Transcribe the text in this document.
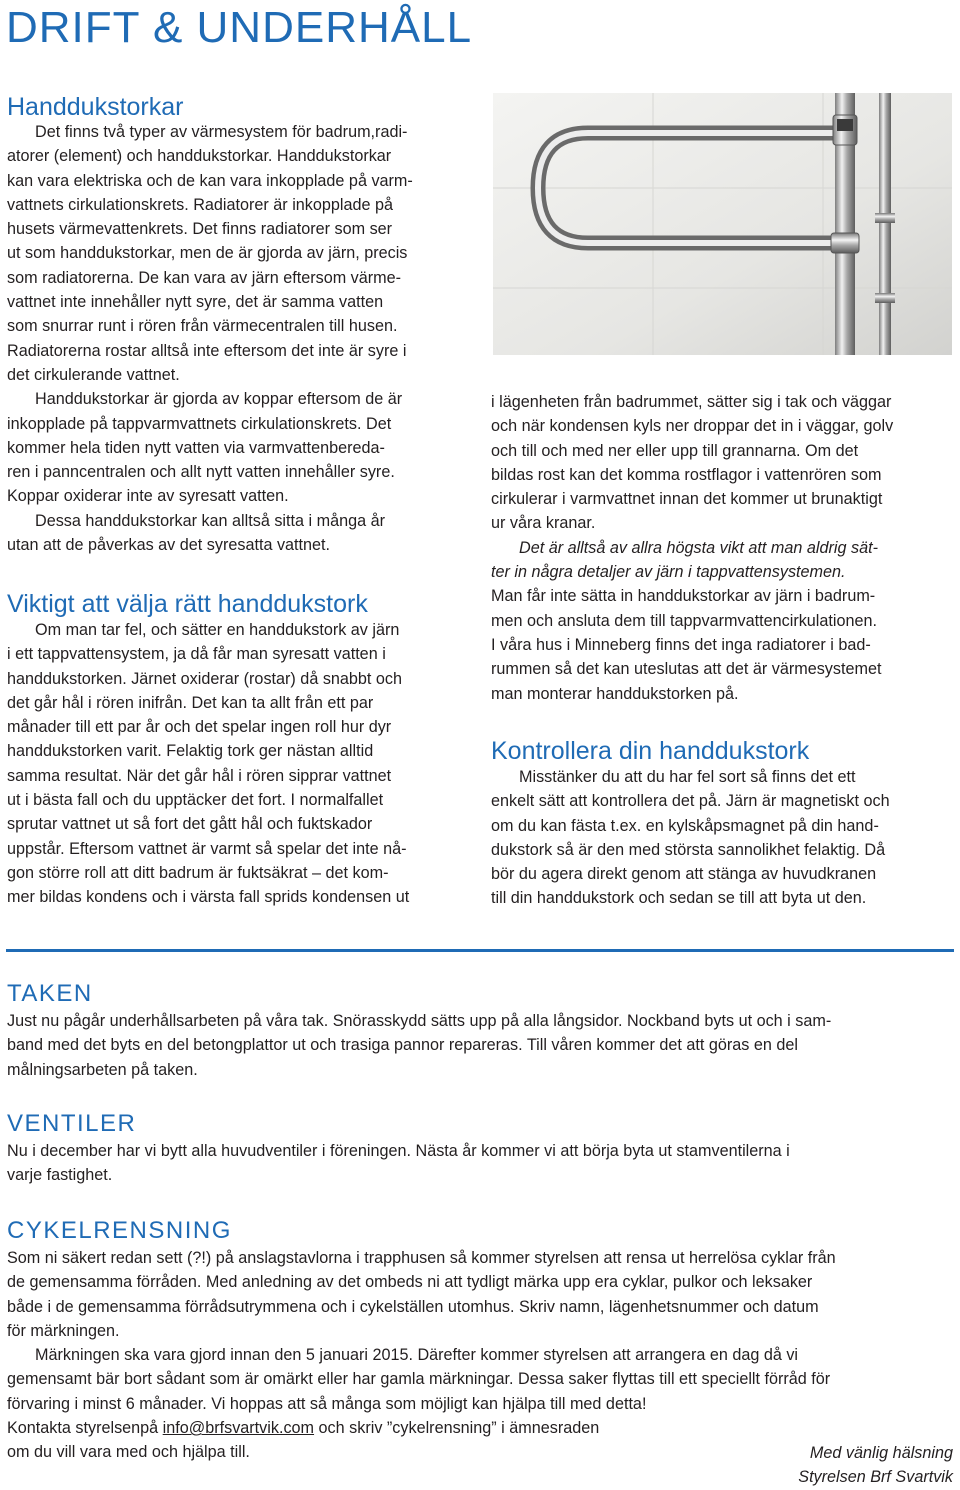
DRIFT & UNDERHÅLL
Handdukstorkar

Det finns två typer av värmesystem för badrum,radi-
atorer (element) och handdukstorkar. Handdukstorkar
kan vara elektriska och de kan vara inkopplade på varm-
vattnets cirkulationskrets. Radiatorer är inkopplade på
husets värmevattenkrets. Det finns radiatorer som ser
ut som handdukstorkar, men de är gjorda av järn, precis
som radiatorerna. De kan vara av järn eftersom värme-
vattnet inte innehåller nytt syre, det är samma vatten
som snurrar runt i rören från värmecentralen till husen.
Radiatorerna rostar alltså inte eftersom det inte är syre i
det cirkulerande vattnet.

Handdukstorkar är gjorda av koppar eftersom de är
inkopplade på tappvarmvattnets cirkulationskrets. Det
kommer hela tiden nytt vatten via varmvattenbereda-
ren i panncentralen och allt nytt vatten innehåller syre.
Koppar oxiderar inte av syresatt vatten.

Dessa handdukstorkar kan alltså sitta i många år
utan att de påverkas av det syresatta vattnet.

Viktigt att välja rätt handdukstork

Om man tar fel, och sätter en handdukstork av järn
i ett tappvattensystem, ja då får man syresatt vatten i
handdukstorken. Järnet oxiderar (rostar) då snabbt och
det går hål i rören inifrån. Det kan ta allt från ett par
månader till ett par år och det spelar ingen roll hur dyr
handdukstorken varit. Felaktig tork ger nästan alltid
samma resultat. När det går hål i rören sipprar vattnet
ut i bästa fall och du upptäcker det fort. I normalfallet
sprutar vattnet ut så fort det gått hål och fuktskador
uppstår. Eftersom vattnet är varmt så spelar det inte nå-
gon större roll att ditt badrum är fuktsäkrat – det kom-
mer bildas kondens och i värsta fall sprids kondensen ut

i lägenheten från badrummet, sätter sig i tak och väggar
och när kondensen kyls ner droppar det in i väggar, golv
och till och med ner eller upp till grannarna. Om det
bildas rost kan det komma rostflagor i vattenrören som
cirkulerar i varmvattnet innan det kommer ut brunaktigt
ur våra kranar.

Det är alltså av allra högsta vikt att man aldrig sät-
ter in några detaljer av järn i tappvattensystemen.

Man får inte sätta in handdukstorkar av järn i badrum-
men och ansluta dem till tappvarmvattencirkulationen.
I våra hus i Minneberg finns det inga radiatorer i bad-
rummen så det kan uteslutas att det är värmesystemet
man monterar handdukstorken på.

Kontrollera din handdukstork

Misstänker du att du har fel sort så finns det ett
enkelt sätt att kontrollera det på. Järn är magnetiskt och
om du kan fästa t.ex. en kylskåpsmagnet på din hand-
dukstork så är den med största sannolikhet felaktig. Då
bör du agera direkt genom att stänga av huvudkranen
till din handdukstork och sedan se till att byta ut den.

TAKEN

Just nu pågår underhållsarbeten på våra tak. Snörasskydd sätts upp på alla långsidor. Nockband byts ut och i sam-
band med det byts en del betongplattor ut och trasiga pannor repareras. Till våren kommer det att göras en del
målningsarbeten på taken.

VENTILER

Nu i december har vi bytt alla huvudventiler i föreningen. Nästa år kommer vi att börja byta ut stamventilerna i
varje fastighet.

CYKELRENSNING

Som ni säkert redan sett (?!) på anslagstavlorna i trapphusen så kommer styrelsen att rensa ut herrelösa cyklar från
de gemensamma förråden. Med anledning av det ombeds ni att tydligt märka upp era cyklar, pulkor och leksaker
både i de gemensamma förrådsutrymmena och i cykelställen utomhus. Skriv namn, lägenhetsnummer och datum
för märkningen.

Märkningen ska vara gjord innan den 5 januari 2015. Därefter kommer styrelsen att arrangera en dag då vi
gemensamt bär bort sådant som är omärkt eller har gamla märkningar. Dessa saker flyttas till ett speciellt förråd för
förvaring i minst 6 månader. Vi hoppas att så många som möjligt kan hjälpa till med detta!

Kontakta styrelsenpå info@brfsvartvik.com och skriv ”cykelrensning” i ämnesraden
om du vill vara med och hjälpa till.	Med vänlig hälsning
Styrelsen Brf Svartvik
